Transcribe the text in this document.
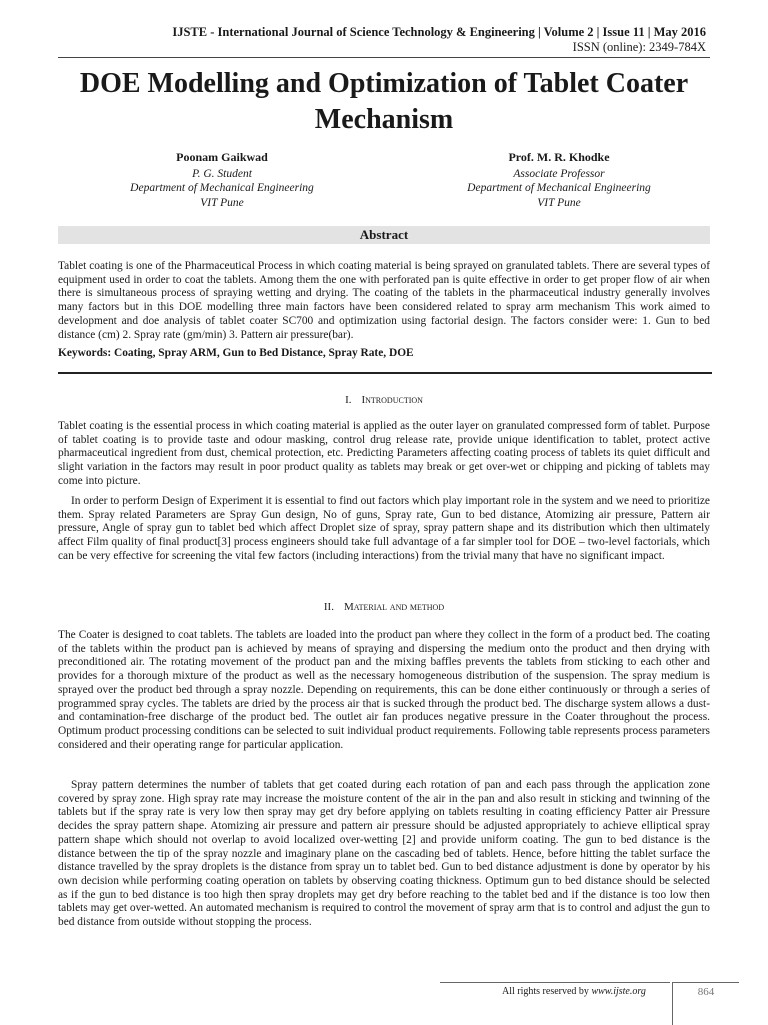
IJSTE - International Journal of Science Technology & Engineering | Volume 2 | Issue 11 | May 2016
ISSN (online): 2349-784X
DOE Modelling and Optimization of Tablet Coater Mechanism
Poonam Gaikwad
P. G. Student
Department of Mechanical Engineering
VIT Pune
Prof. M. R. Khodke
Associate Professor
Department of Mechanical Engineering
VIT Pune
Abstract
Tablet coating is one of the Pharmaceutical Process in which coating material is being sprayed on granulated tablets. There are several types of equipment used in order to coat the tablets. Among them the one with perforated pan is quite effective in order to get proper flow of air when there is simultaneous process of spraying wetting and drying. The coating of the tablets in the pharmaceutical industry generally involves many factors but in this DOE modelling three main factors have been considered related to spray arm mechanism This work aimed to development and doe analysis of tablet coater SC700 and optimization using factorial design. The factors consider were: 1. Gun to bed distance (cm) 2. Spray rate (gm/min) 3. Pattern air pressure(bar).
Keywords: Coating, Spray ARM, Gun to Bed Distance, Spray Rate, DOE
I. Introduction
Tablet coating is the essential process in which coating material is applied as the outer layer on granulated compressed form of tablet. Purpose of tablet coating is to provide taste and odour masking, control drug release rate, provide unique identification to tablet, protect active pharmaceutical ingredient from dust, chemical protection, etc. Predicting Parameters affecting coating process of tablets its quiet difficult and slight variation in the factors may result in poor product quality as tablets may break or get over-wet or chipping and picking of tablets may come into picture.
In order to perform Design of Experiment it is essential to find out factors which play important role in the system and we need to prioritize them. Spray related Parameters are Spray Gun design, No of guns, Spray rate, Gun to bed distance, Atomizing air pressure, Pattern air pressure, Angle of spray gun to tablet bed which affect Droplet size of spray, spray pattern shape and its distribution which then ultimately affect Film quality of final product[3] process engineers should take full advantage of a far simpler tool for DOE – two-level factorials, which can be very effective for screening the vital few factors (including interactions) from the trivial many that have no significant impact.
II. Material and method
The Coater is designed to coat tablets. The tablets are loaded into the product pan where they collect in the form of a product bed. The coating of the tablets within the product pan is achieved by means of spraying and dispersing the medium onto the product and then drying with preconditioned air. The rotating movement of the product pan and the mixing baffles prevents the tablets from sticking to each other and provides for a thorough mixture of the product as well as the necessary homogeneous distribution of the suspension. The spray medium is sprayed over the product bed through a spray nozzle. Depending on requirements, this can be done either continuously or through a series of programmed spray cycles. The tablets are dried by the process air that is sucked through the product bed. The discharge system allows a dust- and contamination-free discharge of the product bed. The outlet air fan produces negative pressure in the Coater throughout the process. Optimum product processing conditions can be selected to suit individual product requirements. Following table represents process parameters considered and their operating range for particular application.
Spray pattern determines the number of tablets that get coated during each rotation of pan and each pass through the application zone covered by spray zone. High spray rate may increase the moisture content of the air in the pan and also result in sticking and twinning of the tablets but if the spray rate is very low then spray may get dry before applying on tablets resulting in coating efficiency Patter air Pressure decides the spray pattern shape. Atomizing air pressure and pattern air pressure should be adjusted appropriately to achieve elliptical spray pattern shape which should not overlap to avoid localized over-wetting [2] and provide uniform coating. The gun to bed distance is the distance between the tip of the spray nozzle and imaginary plane on the cascading bed of tablets. Hence, before hitting the tablet surface the distance travelled by the spray droplets is the distance from spray un to tablet bed. Gun to bed distance adjustment is done by operator by his own decision while performing coating operation on tablets by observing coating thickness. Optimum gun to bed distance should be selected as if the gun to bed distance is too high then spray droplets may get dry before reaching to the tablet bed and if the distance is too low then tablets may get over-wetted. An automated mechanism is required to control the movement of spray arm that is to control and adjust the gun to bed distance from outside without stopping the process.
All rights reserved by www.ijste.org	864
